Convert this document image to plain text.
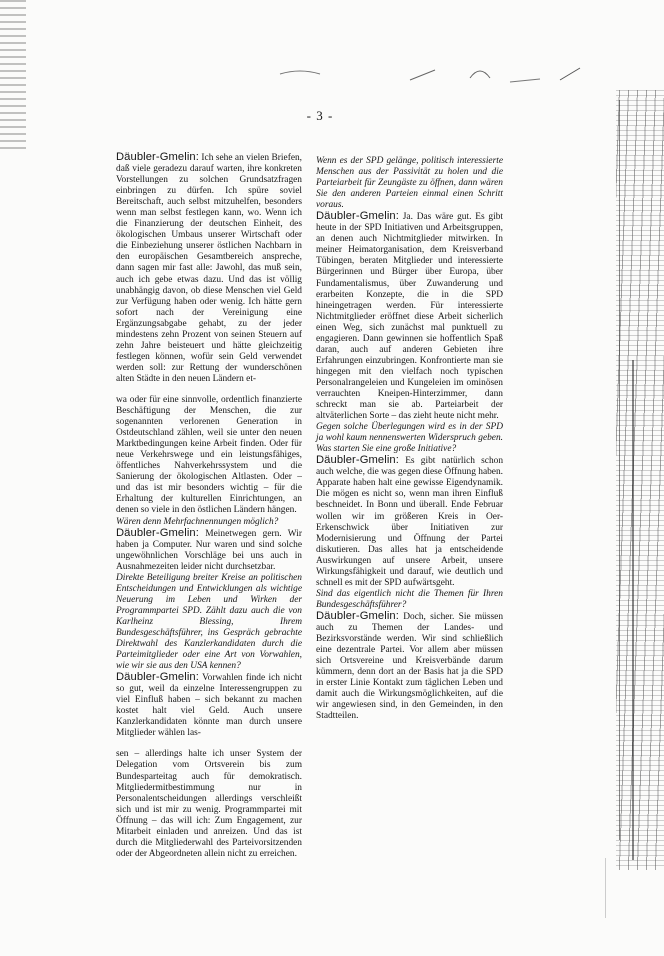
- 3 -

Däubler-Gmelin: Ich sehe an vielen Briefen, daß viele geradezu darauf warten, ihre konkreten Vorstellungen zu solchen Grundsatzfragen einbringen zu dürfen. Ich spüre soviel Bereitschaft, auch selbst mitzuhelfen, besonders wenn man selbst festlegen kann, wo. Wenn ich die Finanzierung der deutschen Einheit, des ökologischen Umbaus unserer Wirtschaft oder die Einbeziehung unserer östlichen Nachbarn in den europäischen Gesamtbereich anspreche, dann sagen mir fast alle: Jawohl, das muß sein, auch ich gebe etwas dazu. Und das ist völlig unabhängig davon, ob diese Menschen viel Geld zur Verfügung haben oder wenig. Ich hätte gern sofort nach der Vereinigung eine Ergänzungsabgabe gehabt, zu der jeder mindestens zehn Prozent von seinen Steuern auf zehn Jahre beisteuert und hätte gleichzeitig festlegen können, wofür sein Geld verwendet werden soll: zur Rettung der wunderschönen alten Städte in den neuen Ländern et-

wa oder für eine sinnvolle, ordentlich finanzierte Beschäftigung der Menschen, die zur sogenannten verlorenen Generation in Ostdeutschland zählen, weil sie unter den neuen Marktbedingungen keine Arbeit finden. Oder für neue Verkehrswege und ein leistungsfähiges, öffentliches Nahverkehrssystem und die Sanierung der ökologischen Altlasten. Oder – und das ist mir besonders wichtig – für die Erhaltung der kulturellen Einrichtungen, an denen so viele in den östlichen Ländern hängen.

Wären denn Mehrfachnennungen möglich?

Däubler-Gmelin: Meinetwegen gern. Wir haben ja Computer. Nur waren und sind solche ungewöhnlichen Vorschläge bei uns auch in Ausnahmezeiten leider nicht durchsetzbar.

Direkte Beteiligung breiter Kreise an politischen Entscheidungen und Entwicklungen als wichtige Neuerung im Leben und Wirken der Programmpartei SPD. Zählt dazu auch die von Karlheinz Blessing, Ihrem Bundesgeschäftsführer, ins Gespräch gebrachte Direktwahl des Kanzlerkandidaten durch die Parteimitglieder oder eine Art von Vorwahlen, wie wir sie aus den USA kennen?

Däubler-Gmelin: Vorwahlen finde ich nicht so gut, weil da einzelne Interessengruppen zu viel Einfluß haben – sich bekannt zu machen kostet halt viel Geld. Auch unsere Kanzlerkandidaten könnte man durch unsere Mitglieder wählen las-

sen – allerdings halte ich unser System der Delegation vom Ortsverein bis zum Bundesparteitag auch für demokratisch. Mitgliedermitbestimmung nur in Personalentscheidungen allerdings verschleißt sich und ist mir zu wenig. Programmpartei mit Öffnung – das will ich: Zum Engagement, zur Mitarbeit einladen und anreizen. Und das ist durch die Mitgliederwahl des Parteivorsitzenden oder der Abgeordneten allein nicht zu erreichen.

Wenn es der SPD gelänge, politisch interessierte Menschen aus der Passivität zu holen und die Parteiarbeit für Zeungäste zu öffnen, dann wären Sie den anderen Parteien einmal einen Schritt voraus.

Däubler-Gmelin: Ja. Das wäre gut. Es gibt heute in der SPD Initiativen und Arbeitsgruppen, an denen auch Nichtmitglieder mitwirken. In meiner Heimatorganisation, dem Kreisverband Tübingen, beraten Mitglieder und interessierte Bürgerinnen und Bürger über Europa, über Fundamentalismus, über Zuwanderung und erarbeiten Konzepte, die in die SPD hineingetragen werden. Für interessierte Nichtmitglieder eröffnet diese Arbeit sicherlich einen Weg, sich zunächst mal punktuell zu engagieren. Dann gewinnen sie hoffentlich Spaß daran, auch auf anderen Gebieten ihre Erfahrungen einzubringen. Konfrontierte man sie hingegen mit den vielfach noch typischen Personalrangeleien und Kungeleien im ominösen verrauchten Kneipen-Hinterzimmer, dann schreckt man sie ab. Parteiarbeit der altväterlichen Sorte – das zieht heute nicht mehr.

Gegen solche Überlegungen wird es in der SPD ja wohl kaum nennenswerten Widerspruch geben. Was starten Sie eine große Initiative?

Däubler-Gmelin: Es gibt natürlich schon auch welche, die was gegen diese Öffnung haben. Apparate haben halt eine gewisse Eigendynamik. Die mögen es nicht so, wenn man ihren Einfluß beschneidet. In Bonn und überall. Ende Februar wollen wir im größeren Kreis in Oer-Erkenschwick über Initiativen zur Modernisierung und Öffnung der Partei diskutieren. Das alles hat ja entscheidende Auswirkungen auf unsere Arbeit, unsere Wirkungsfähigkeit und darauf, wie deutlich und schnell es mit der SPD aufwärtsgeht.

Sind das eigentlich nicht die Themen für Ihren Bundesgeschäftsführer?

Däubler-Gmelin: Doch, sicher. Sie müssen auch zu Themen der Landes- und Bezirksvorstände werden. Wir sind schließlich eine dezentrale Partei. Vor allem aber müssen sich Ortsvereine und Kreisverbände darum kümmern, denn dort an der Basis hat ja die SPD in erster Linie Kontakt zum täglichen Leben und damit auch die Wirkungsmöglichkeiten, auf die wir angewiesen sind, in den Gemeinden, in den Stadtteilen.
